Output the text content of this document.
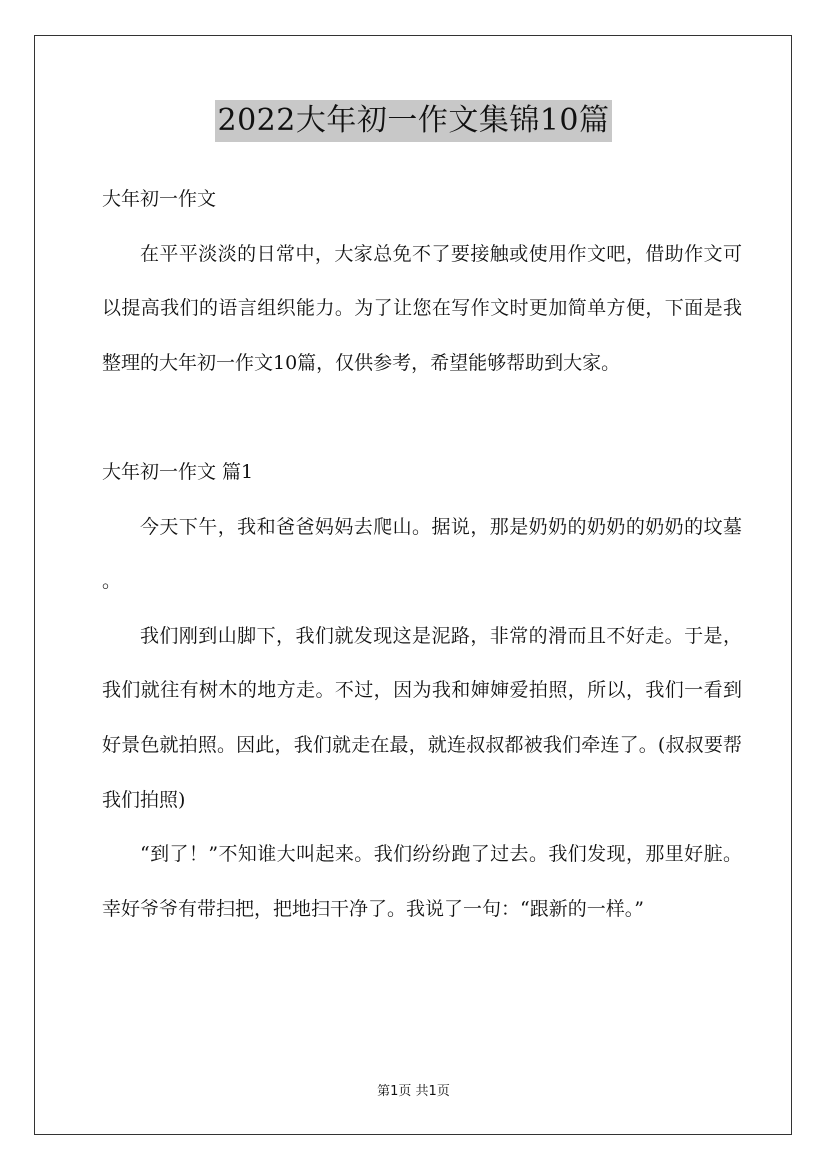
2022大年初一作文集锦10篇
大年初一作文
在平平淡淡的日常中，大家总免不了要接触或使用作文吧，借助作文可以提高我们的语言组织能力。为了让您在写作文时更加简单方便，下面是我整理的大年初一作文10篇，仅供参考，希望能够帮助到大家。
大年初一作文 篇1
今天下午，我和爸爸妈妈去爬山。据说，那是奶奶的奶奶的奶奶的坟墓。
我们刚到山脚下，我们就发现这是泥路，非常的滑而且不好走。于是，我们就往有树木的地方走。不过，因为我和婶婶爱拍照，所以，我们一看到好景色就拍照。因此，我们就走在最，就连叔叔都被我们牵连了。(叔叔要帮我们拍照)
“到了！”不知谁大叫起来。我们纷纷跑了过去。我们发现，那里好脏。幸好爷爷有带扫把，把地扫干净了。我说了一句：“跟新的一样。”
第1页 共1页
